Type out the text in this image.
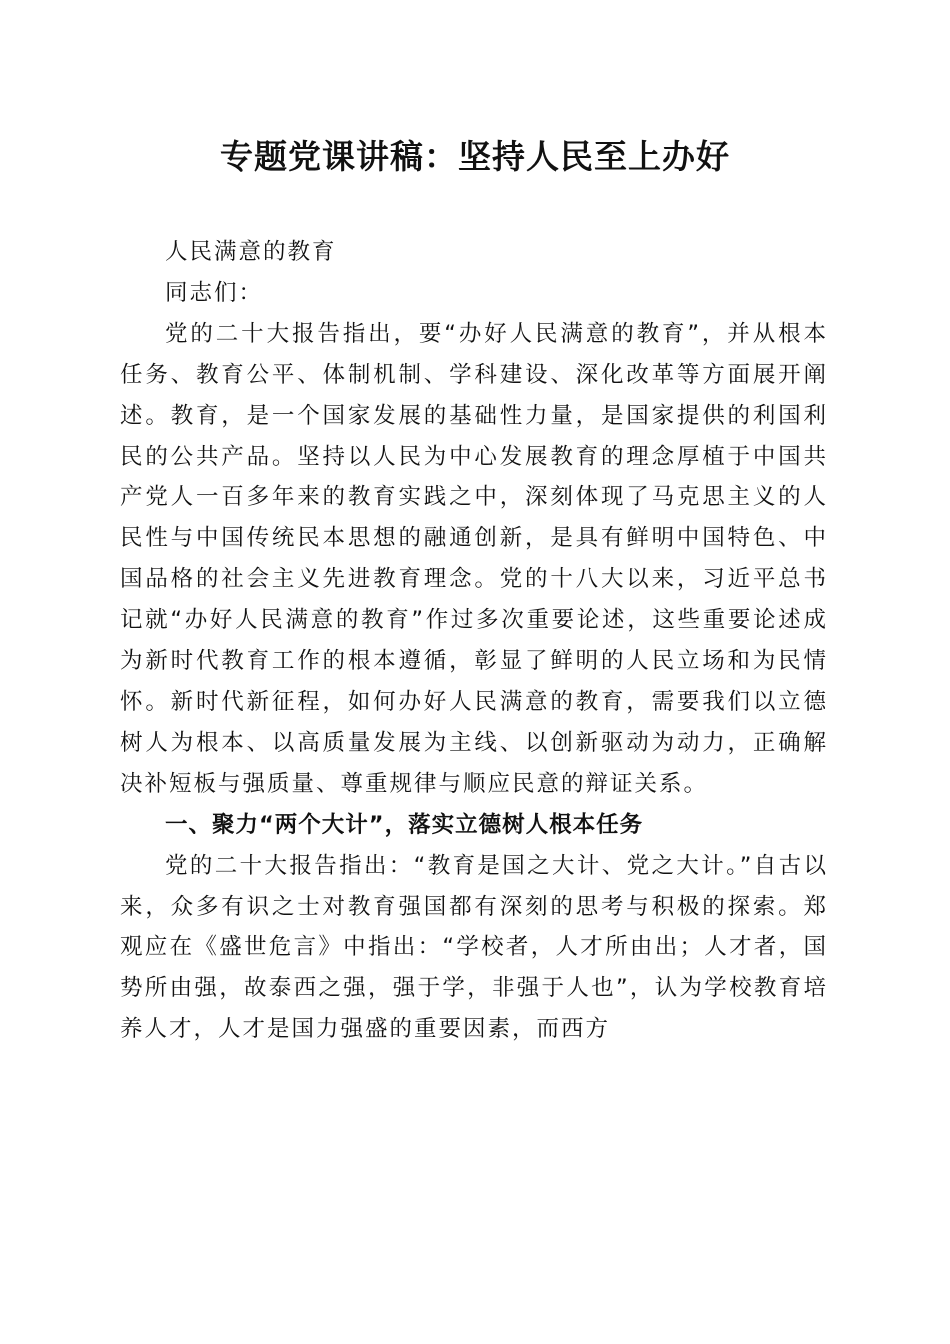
专题党课讲稿：坚持人民至上办好

人民满意的教育

同志们：

党的二十大报告指出，要“办好人民满意的教育”，并从根本任务、教育公平、体制机制、学科建设、深化改革等方面展开阐述。教育，是一个国家发展的基础性力量，是国家提供的利国利民的公共产品。坚持以人民为中心发展教育的理念厚植于中国共产党人一百多年来的教育实践之中，深刻体现了马克思主义的人民性与中国传统民本思想的融通创新，是具有鲜明中国特色、中国品格的社会主义先进教育理念。党的十八大以来，习近平总书记就“办好人民满意的教育”作过多次重要论述，这些重要论述成为新时代教育工作的根本遵循，彰显了鲜明的人民立场和为民情怀。新时代新征程，如何办好人民满意的教育，需要我们以立德树人为根本、以高质量发展为主线、以创新驱动为动力，正确解决补短板与强质量、尊重规律与顺应民意的辩证关系。

一、聚力“两个大计”，落实立德树人根本任务

党的二十大报告指出：“教育是国之大计、党之大计。”自古以来，众多有识之士对教育强国都有深刻的思考与积极的探索。郑观应在《盛世危言》中指出：“学校者，人才所由出；人才者，国势所由强，故泰西之强，强于学，非强于人也”，认为学校教育培养人才，人才是国力强盛的重要因素，而西方
